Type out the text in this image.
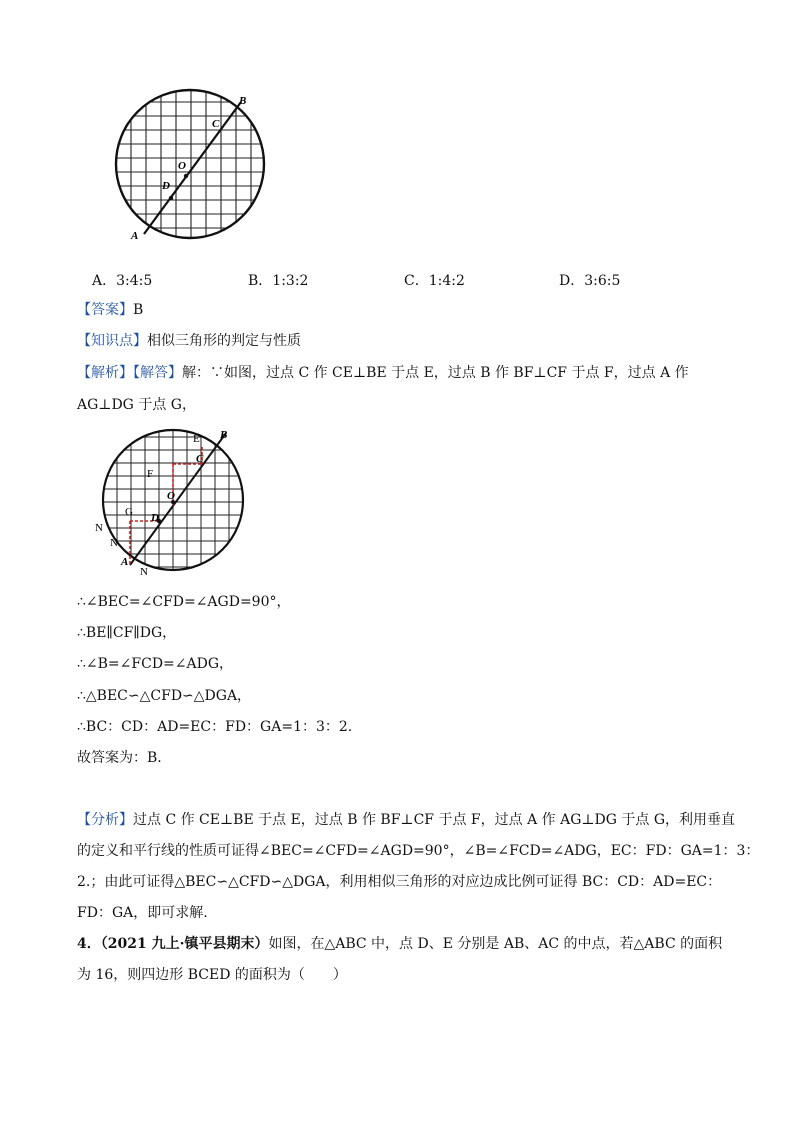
A
B
C
O
D
A．3:4:5	B．1:3:2	C．1:4:2	D．3:6:5
【答案】B
【知识点】相似三角形的判定与性质
【解析】【解答】解：∵如图，过点 C 作 CE⊥BE 于点 E，过点 B 作 BF⊥CF 于点 F，过点 A 作
AG⊥DG 于点 G，
A
B
C
D
O
E
F
G
N
N
N
∴∠BEC=∠CFD=∠AGD=90°，
∴BE∥CF∥DG，
∴∠B=∠FCD=∠ADG，
∴△BEC∽△CFD∽△DGA，
∴BC：CD：AD=EC：FD：GA=1：3：2.
故答案为：B.
【分析】过点 C 作 CE⊥BE 于点 E，过点 B 作 BF⊥CF 于点 F，过点 A 作 AG⊥DG 于点 G，利用垂直
的定义和平行线的性质可证得∠BEC=∠CFD=∠AGD=90°，∠B=∠FCD=∠ADG，EC：FD：GA=1：3：
2.；由此可证得△BEC∽△CFD∽△DGA，利用相似三角形的对应边成比例可证得 BC：CD：AD=EC：
FD：GA，即可求解.
4．（2021 九上·镇平县期末）如图，在△ABC 中，点 D、E 分别是 AB、AC 的中点，若△ABC 的面积
为 16，则四边形 BCED 的面积为（　　）
